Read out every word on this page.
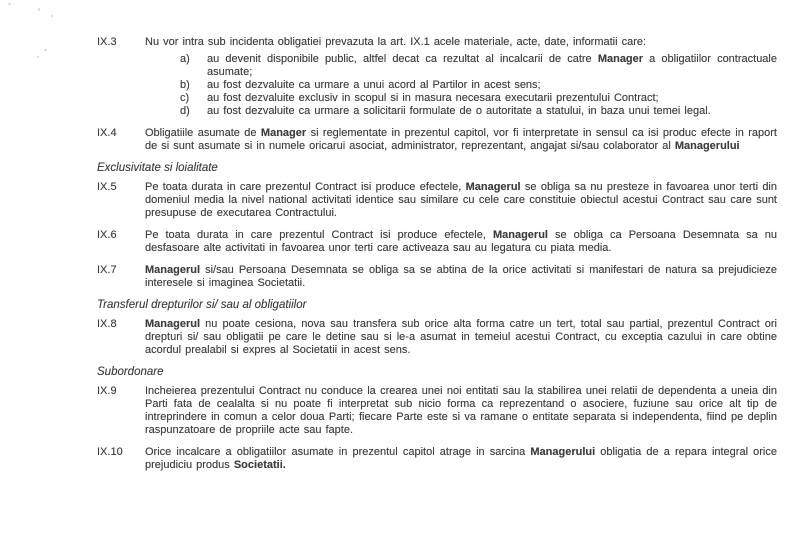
IX.3	Nu vor intra sub incidenta obligatiei prevazuta la art. IX.1 acele materiale, acte, date, informatii care:

a)	au devenit disponibile public, altfel decat ca rezultat al incalcarii de catre Manager a obligatiilor contractuale asumate;

b)	au fost dezvaluite ca urmare a unui acord al Partilor in acest sens;

c)	au fost dezvaluite exclusiv in scopul si in masura necesara executarii prezentului Contract;

d)	au fost dezvaluite ca urmare a solicitarii formulate de o autoritate a statului, in baza unui temei legal.

IX.4	Obligatiile asumate de Manager si reglementate in prezentul capitol, vor fi interpretate in sensul ca isi produc efecte in raport de si sunt asumate si in numele oricarui asociat, administrator, reprezentant, angajat si/sau colaborator al Managerului

Exclusivitate si loialitate
IX.5	Pe toata durata in care prezentul Contract isi produce efectele, Managerul se obliga sa nu presteze in favoarea unor terti din domeniul media la nivel national activitati identice sau similare cu cele care constituie obiectul acestui Contract sau care sunt presupuse de executarea Contractului.

IX.6	Pe toata durata in care prezentul Contract isi produce efectele, Managerul se obliga ca Persoana Desemnata sa nu desfasoare alte activitati in favoarea unor terti care activeaza sau au legatura cu piata media.

IX.7	Managerul si/sau Persoana Desemnata se obliga sa se abtina de la orice activitati si manifestari de natura sa prejudicieze interesele si imaginea Societatii.

Transferul drepturilor si/ sau al obligatiilor
IX.8	Managerul nu poate cesiona, nova sau transfera sub orice alta forma catre un tert, total sau partial, prezentul Contract ori drepturi si/ sau obligatii pe care le detine sau si le-a asumat in temeiul acestui Contract, cu exceptia cazului in care obtine acordul prealabil si expres al Societatii in acest sens.

Subordonare
IX.9	Incheierea prezentului Contract nu conduce la crearea unei noi entitati sau la stabilirea unei relatii de dependenta a uneia din Parti fata de cealalta si nu poate fi interpretat sub nicio forma ca reprezentand o asociere, fuziune sau orice alt tip de intreprindere in comun a celor doua Parti; fiecare Parte este si va ramane o entitate separata si independenta, fiind pe deplin raspunzatoare de propriile acte sau fapte.

IX.10	Orice incalcare a obligatiilor asumate in prezentul capitol atrage in sarcina Managerului obligatia de a repara integral orice prejudiciu produs Societatii.
